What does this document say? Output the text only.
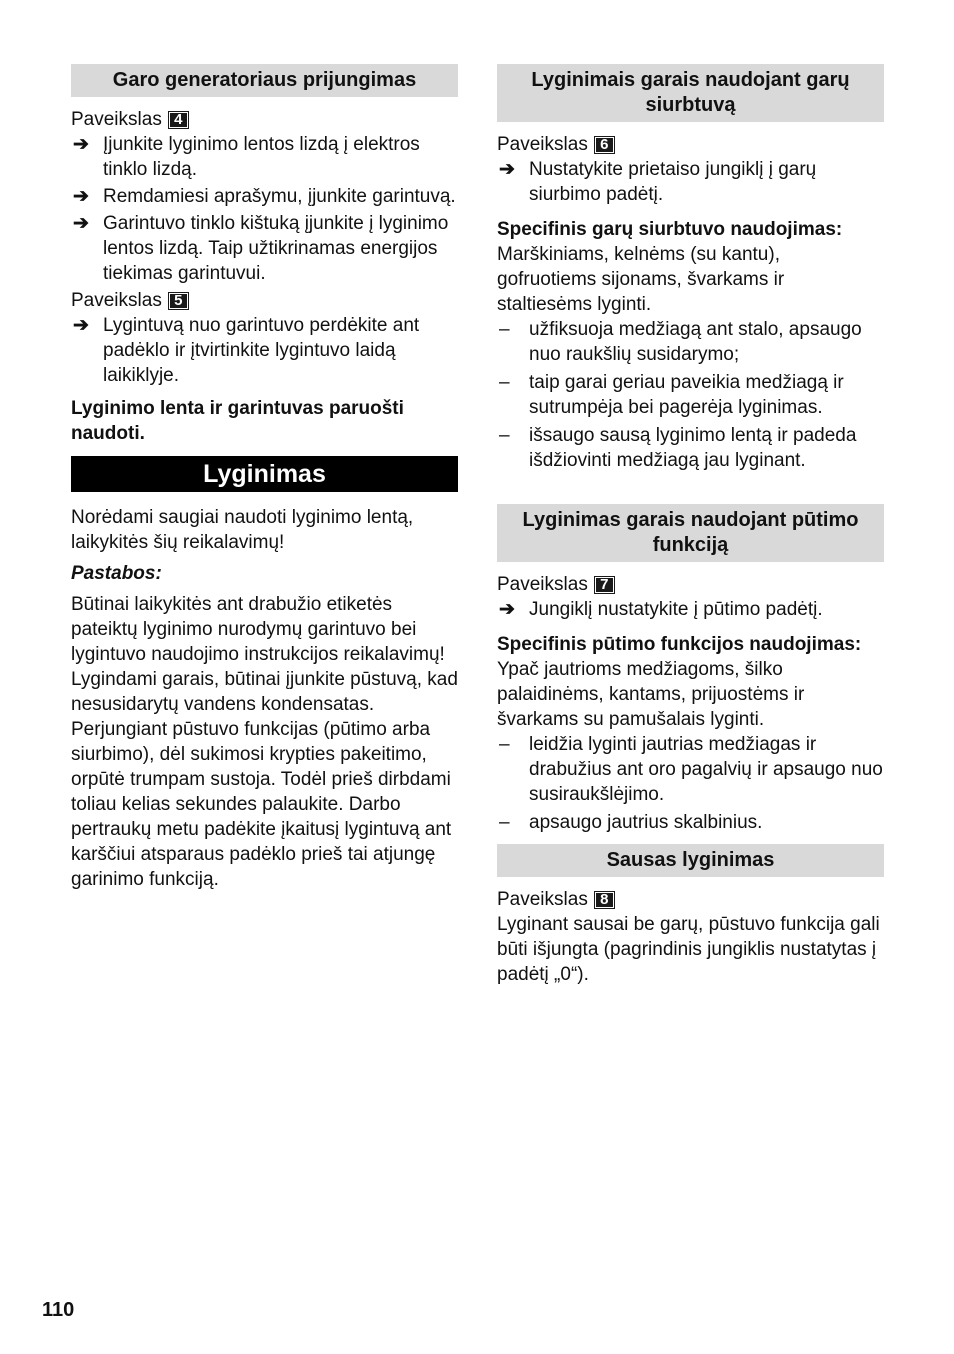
Garo generatoriaus prijungimas

Paveikslas 4

➔ Įjunkite lyginimo lentos lizdą į elektros tinklo lizdą.
➔ Remdamiesi aprašymu, įjunkite garintuvą.
➔ Garintuvo tinklo kištuką įjunkite į lyginimo lentos lizdą. Taip užtikrinamas energijos tiekimas garintuvui.

Paveikslas 5

➔ Lygintuvą nuo garintuvo perdėkite ant padėklo ir įtvirtinkite lygintuvo laidą laikiklyje.

Lyginimo lenta ir garintuvas paruošti naudoti.

Lyginimas

Norėdami saugiai naudoti lyginimo lentą, laikykitės šių reikalavimų!

Pastabos:

Būtinai laikykitės ant drabužio etiketės pateiktų lyginimo nurodymų garintuvo bei lygintuvo naudojimo instrukcijos reikalavimų! Lygindami garais, būtinai įjunkite pūstuvą, kad nesusidarytų vandens kondensatas. Perjungiant pūstuvo funkcijas (pūtimo arba siurbimo), dėl sukimosi krypties pakeitimo, orpūtė trumpam sustoja. Todėl prieš dirbdami toliau kelias sekundes palaukite. Darbo pertraukų metu padėkite įkaitusį lygintuvą ant karščiui atsparaus padėklo prieš tai atjungę garinimo funkciją.

Lyginimais garais naudojant garų siurbtuvą

Paveikslas 6

➔ Nustatykite prietaiso jungiklį į garų siurbimo padėtį.

Specifinis garų siurbtuvo naudojimas:

Marškiniams, kelnėms (su kantu), gofruotiems sijonams, švarkams ir staltiesėms lyginti.

– užfiksuoja medžiagą ant stalo, apsaugo nuo raukšlių susidarymo;
– taip garai geriau paveikia medžiagą ir sutrumpėja bei pagerėja lyginimas.
– išsaugo sausą lyginimo lentą ir padeda išdžiovinti medžiagą jau lyginant.
Lyginimas garais naudojant pūtimo funkciją

Paveikslas 7

➔ Jungiklį nustatykite į pūtimo padėtį.

Specifinis pūtimo funkcijos naudojimas:

Ypač jautrioms medžiagoms, šilko palaidinėms, kantams, prijuostėms ir švarkams su pamušalais lyginti.

– leidžia lyginti jautrias medžiagas ir drabužius ant oro pagalvių ir apsaugo nuo susiraukšlėjimo.
– apsaugo jautrius skalbinius.
Sausas lyginimas

Paveikslas 8

Lyginant sausai be garų, pūstuvo funkcija gali būti išjungta (pagrindinis jungiklis nustatytas į padėtį „0“).

110
